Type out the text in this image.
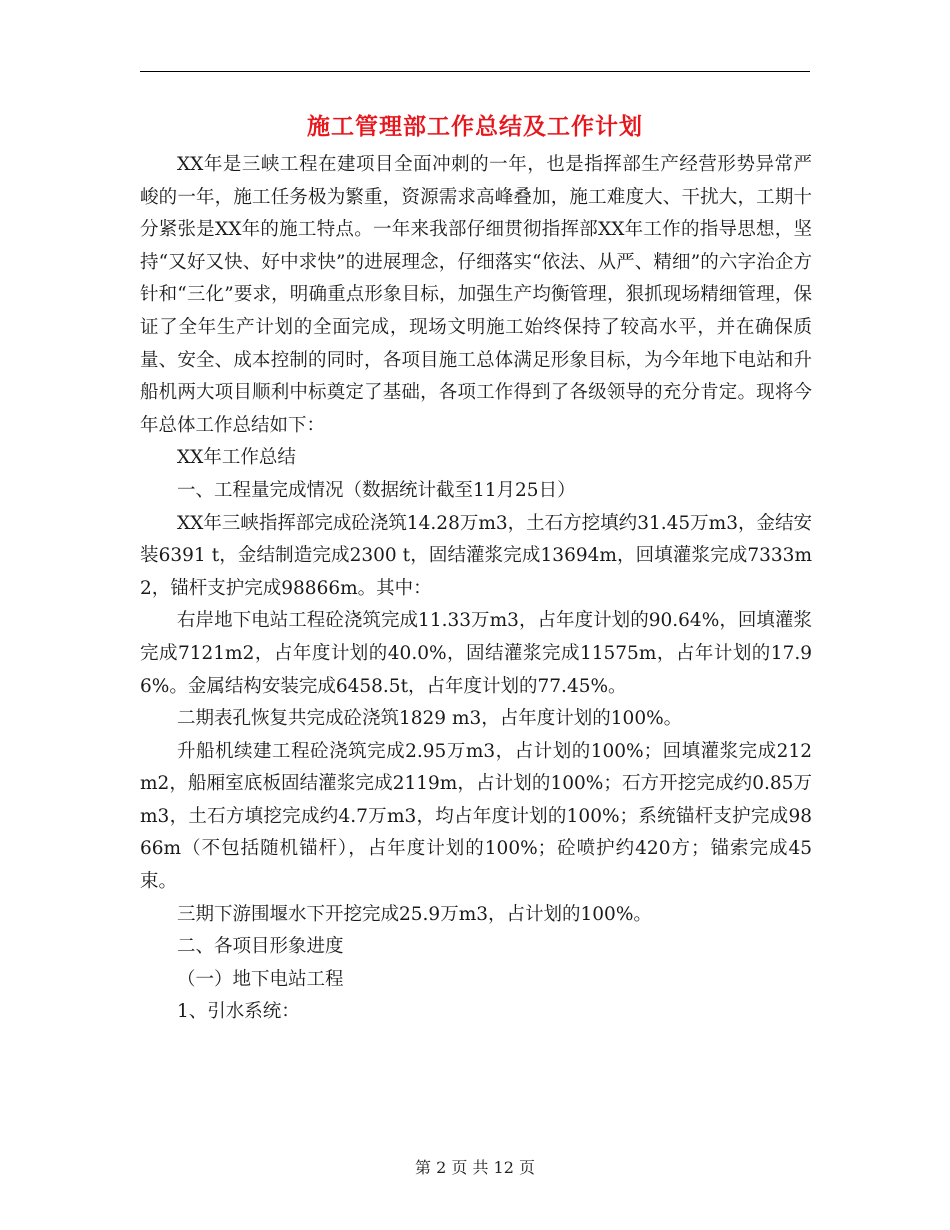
施工管理部工作总结及工作计划

XX年是三峡工程在建项目全面冲刺的一年，也是指挥部生产经营形势异常严峻的一年，施工任务极为繁重，资源需求高峰叠加，施工难度大、干扰大，工期十分紧张是XX年的施工特点。一年来我部仔细贯彻指挥部XX年工作的指导思想，坚持“又好又快、好中求快”的进展理念，仔细落实“依法、从严、精细”的六字治企方针和“三化”要求，明确重点形象目标，加强生产均衡管理，狠抓现场精细管理，保证了全年生产计划的全面完成，现场文明施工始终保持了较高水平，并在确保质量、安全、成本控制的同时，各项目施工总体满足形象目标，为今年地下电站和升船机两大项目顺利中标奠定了基础，各项工作得到了各级领导的充分肯定。现将今年总体工作总结如下：

XX年工作总结

一、工程量完成情况（数据统计截至11月25日）

XX年三峡指挥部完成砼浇筑14.28万m3，土石方挖填约31.45万m3，金结安装6391 t，金结制造完成2300 t，固结灌浆完成13694m，回填灌浆完成7333m2，锚杆支护完成98866m。其中：

右岸地下电站工程砼浇筑完成11.33万m3，占年度计划的90.64%，回填灌浆完成7121m2，占年度计划的40.0%，固结灌浆完成11575m，占年计划的17.96%。金属结构安装完成6458.5t，占年度计划的77.45%。

二期表孔恢复共完成砼浇筑1829 m3，占年度计划的100%。

升船机续建工程砼浇筑完成2.95万m3，占计划的100%；回填灌浆完成212m2，船厢室底板固结灌浆完成2119m，占计划的100%；石方开挖完成约0.85万m3，土石方填挖完成约4.7万m3，均占年度计划的100%；系统锚杆支护完成9866m（不包括随机锚杆），占年度计划的100%；砼喷护约420方；锚索完成45束。

三期下游围堰水下开挖完成25.9万m3，占计划的100%。

二、各项目形象进度

（一）地下电站工程

1、引水系统：

第 2 页 共 12 页
